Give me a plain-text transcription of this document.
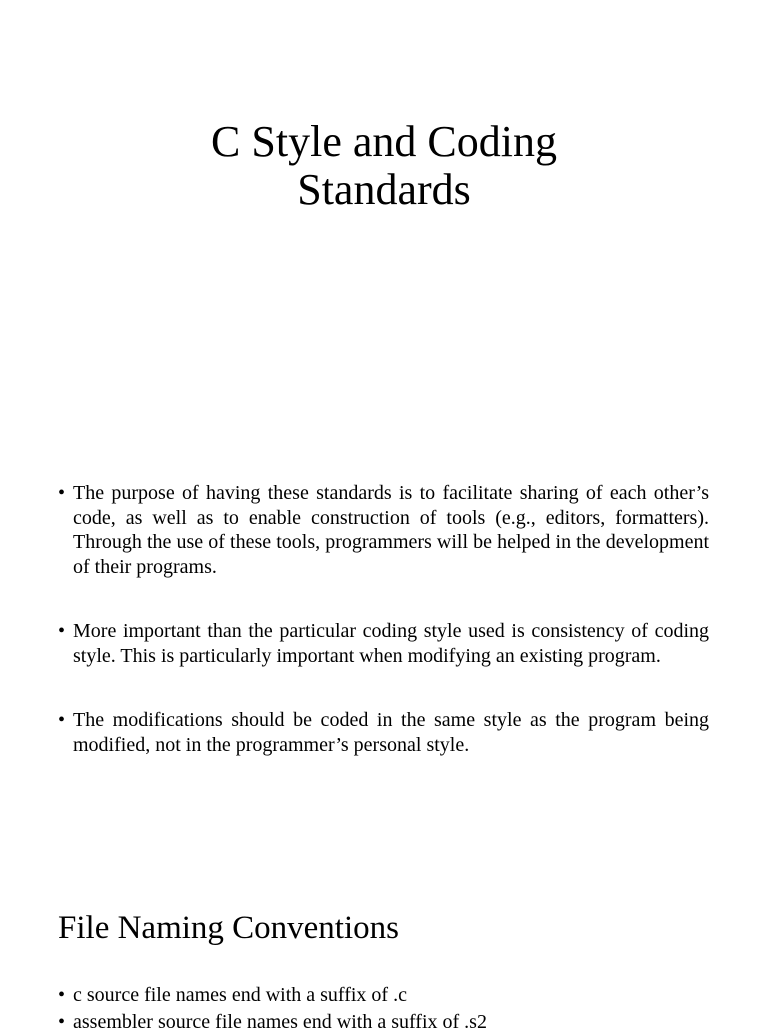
C Style and Coding
Standards
• The purpose of having these standards is to facilitate sharing of each other’s code, as well as to enable construction of tools (e.g., editors, formatters). Through the use of these tools, programmers will be helped in the development of their programs.
• More important than the particular coding style used is consistency of coding style. This is particularly important when modifying an existing program.
• The modifications should be coded in the same style as the program being modified, not in the programmer’s personal style.
File Naming Conventions
• c source file names end with a suffix of .c
• assembler source file names end with a suffix of .s2
